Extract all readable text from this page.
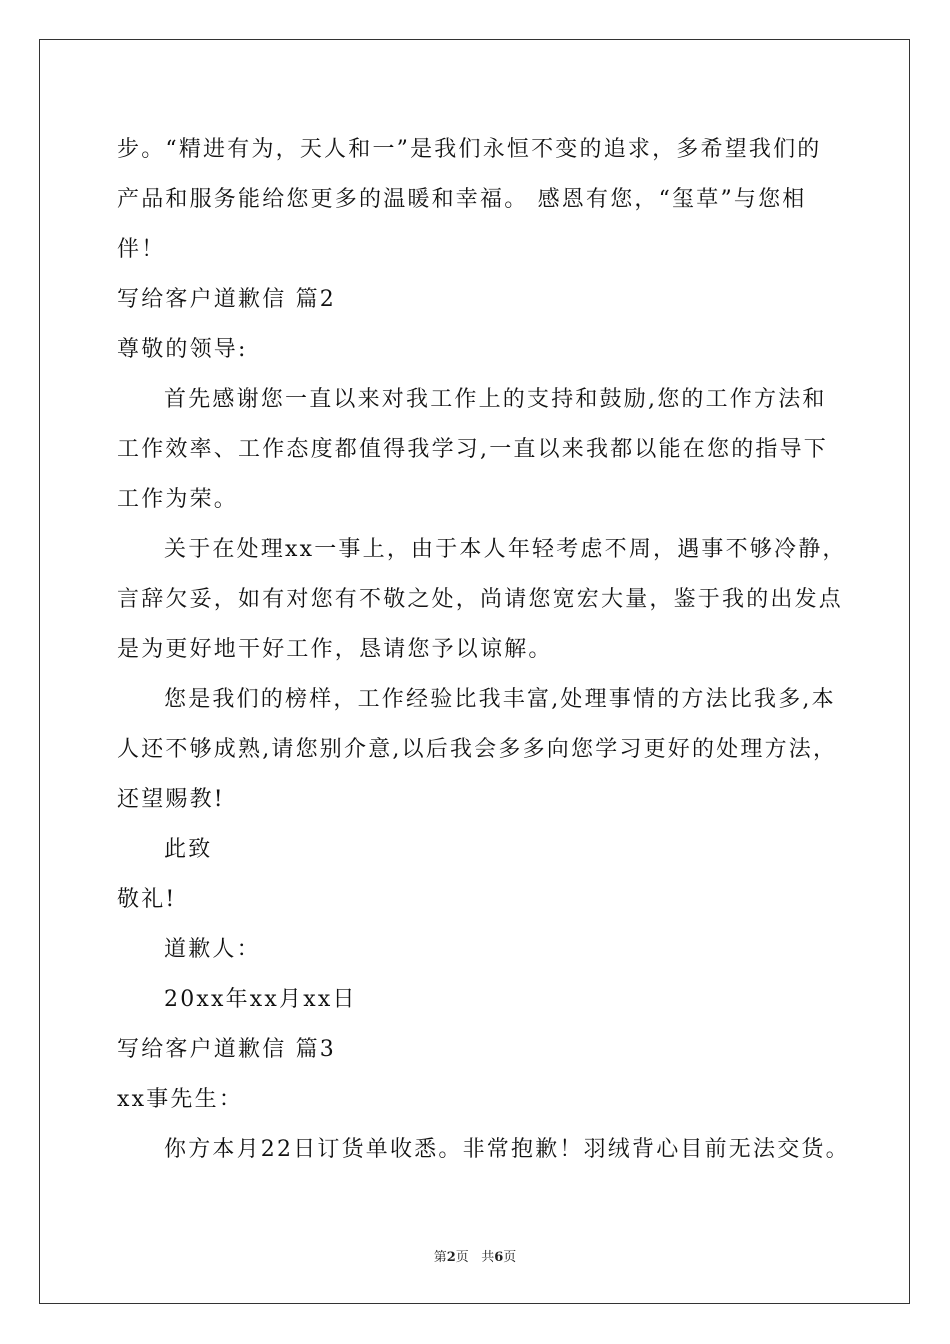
步。“精进有为，天人和一”是我们永恒不变的追求，多希望我们的
产品和服务能给您更多的温暖和幸福。 感恩有您，“玺草”与您相
伴！
写给客户道歉信 篇2
尊敬的领导:
首先感谢您一直以来对我工作上的支持和鼓励,您的工作方法和
工作效率、工作态度都值得我学习,一直以来我都以能在您的指导下
工作为荣。
关于在处理xx一事上，由于本人年轻考虑不周，遇事不够冷静，
言辞欠妥，如有对您有不敬之处，尚请您宽宏大量，鉴于我的出发点
是为更好地干好工作，恳请您予以谅解。
您是我们的榜样，工作经验比我丰富,处理事情的方法比我多,本
人还不够成熟,请您别介意,以后我会多多向您学习更好的处理方法，
还望赐教!
此致
敬礼!
道歉人：
20xx年xx月xx日
写给客户道歉信 篇3
xx事先生：
你方本月22日订货单收悉。非常抱歉！羽绒背心目前无法交货。
第2页 共6页
